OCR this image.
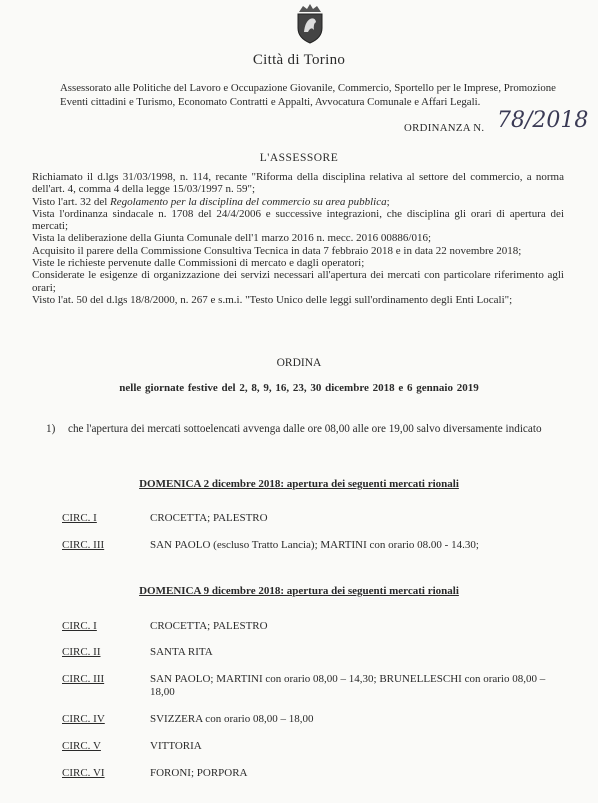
Città di Torino
Assessorato alle Politiche del Lavoro e Occupazione Giovanile, Commercio, Sportello per le Imprese, Promozione Eventi cittadini e Turismo, Economato Contratti e Appalti, Avvocatura Comunale e Affari Legali.
ORDINANZA N. 78/2018
L'ASSESSORE
Richiamato il d.lgs 31/03/1998, n. 114, recante "Riforma della disciplina relativa al settore del commercio, a norma dell'art. 4, comma 4 della legge 15/03/1997 n. 59";
Visto l'art. 32 del Regolamento per la disciplina del commercio su area pubblica;
Vista l'ordinanza sindacale n. 1708 del 24/4/2006 e successive integrazioni, che disciplina gli orari di apertura dei mercati;
Vista la deliberazione della Giunta Comunale dell'1 marzo 2016 n. mecc. 2016 00886/016;
Acquisito il parere della Commissione Consultiva Tecnica in data 7 febbraio 2018 e in data 22 novembre 2018;
Viste le richieste pervenute dalle Commissioni di mercato e dagli operatori;
Considerate le esigenze di organizzazione dei servizi necessari all'apertura dei mercati con particolare riferimento agli orari;
Visto l'at. 50 del d.lgs 18/8/2000, n. 267 e s.m.i. "Testo Unico delle leggi sull'ordinamento degli Enti Locali";
ORDINA
nelle giornate festive del 2, 8, 9, 16, 23, 30 dicembre 2018 e 6 gennaio 2019
1) che l'apertura dei mercati sottoelencati avvenga dalle ore 08,00 alle ore 19,00 salvo diversamente indicato
DOMENICA 2 dicembre 2018: apertura dei seguenti mercati rionali
CIRC. I	CROCETTA; PALESTRO
CIRC. III	SAN PAOLO (escluso Tratto Lancia); MARTINI con orario 08.00 - 14.30;
DOMENICA 9 dicembre 2018: apertura dei seguenti mercati rionali
CIRC. I	CROCETTA; PALESTRO
CIRC. II	SANTA RITA
CIRC. III	SAN PAOLO; MARTINI con orario 08,00 – 14,30; BRUNELLESCHI con orario 08,00 – 18,00
CIRC. IV	SVIZZERA con orario 08,00 – 18,00
CIRC. V	VITTORIA
CIRC. VI	FORONI; PORPORA
